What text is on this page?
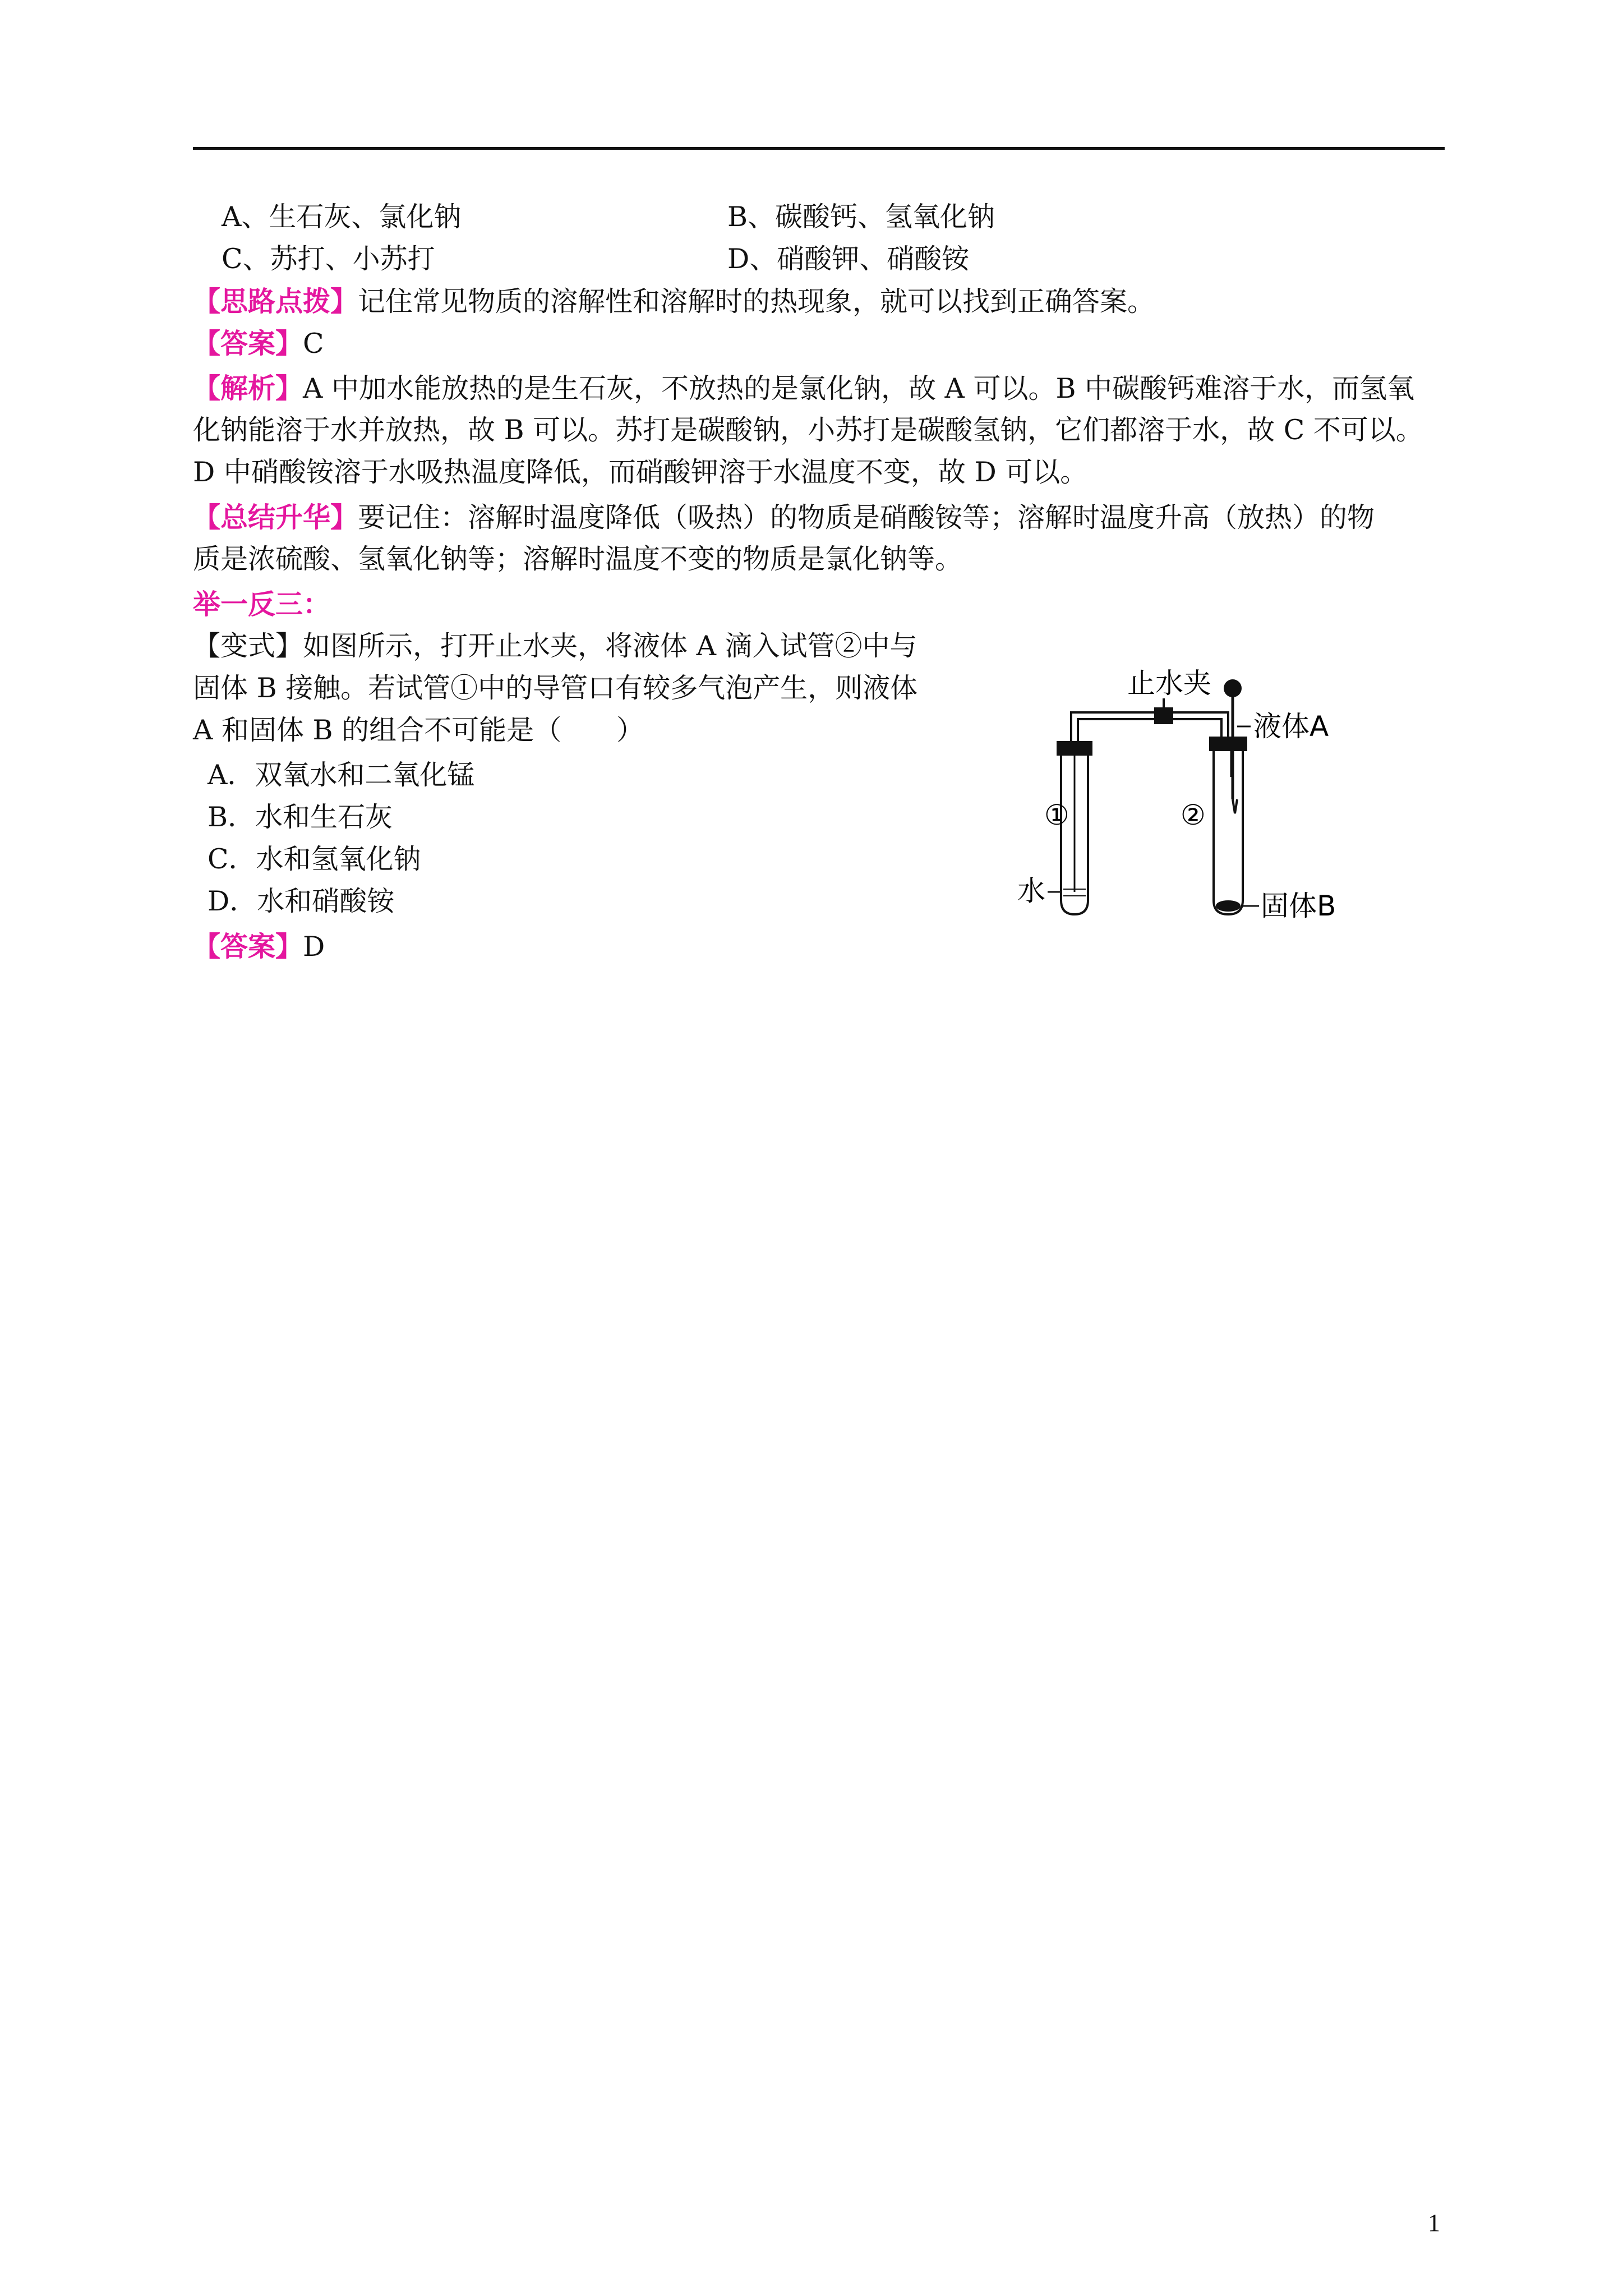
A、生石灰、氯化钠	B、碳酸钙、氢氧化钠
C、苏打、小苏打	D、硝酸钾、硝酸铵
【思路点拨】记住常见物质的溶解性和溶解时的热现象，就可以找到正确答案。
【答案】C
【解析】A 中加水能放热的是生石灰，不放热的是氯化钠，故 A 可以。B 中碳酸钙难溶于水，而氢氧
化钠能溶于水并放热，故 B 可以。苏打是碳酸钠，小苏打是碳酸氢钠，它们都溶于水，故 C 不可以。
D 中硝酸铵溶于水吸热温度降低，而硝酸钾溶于水温度不变，故 D 可以。
【总结升华】要记住：溶解时温度降低（吸热）的物质是硝酸铵等；溶解时温度升高（放热）的物
质是浓硫酸、氢氧化钠等；溶解时温度不变的物质是氯化钠等。
举一反三：
【变式】如图所示，打开止水夹，将液体 A 滴入试管②中与
固体 B 接触。若试管①中的导管口有较多气泡产生，则液体
A 和固体 B 的组合不可能是（　　）
A．双氧水和二氧化锰
B．水和生石灰
C．水和氢氧化钠
D．水和硝酸铵
【答案】D
止水夹
液体A
①	②
水	固体B
1
